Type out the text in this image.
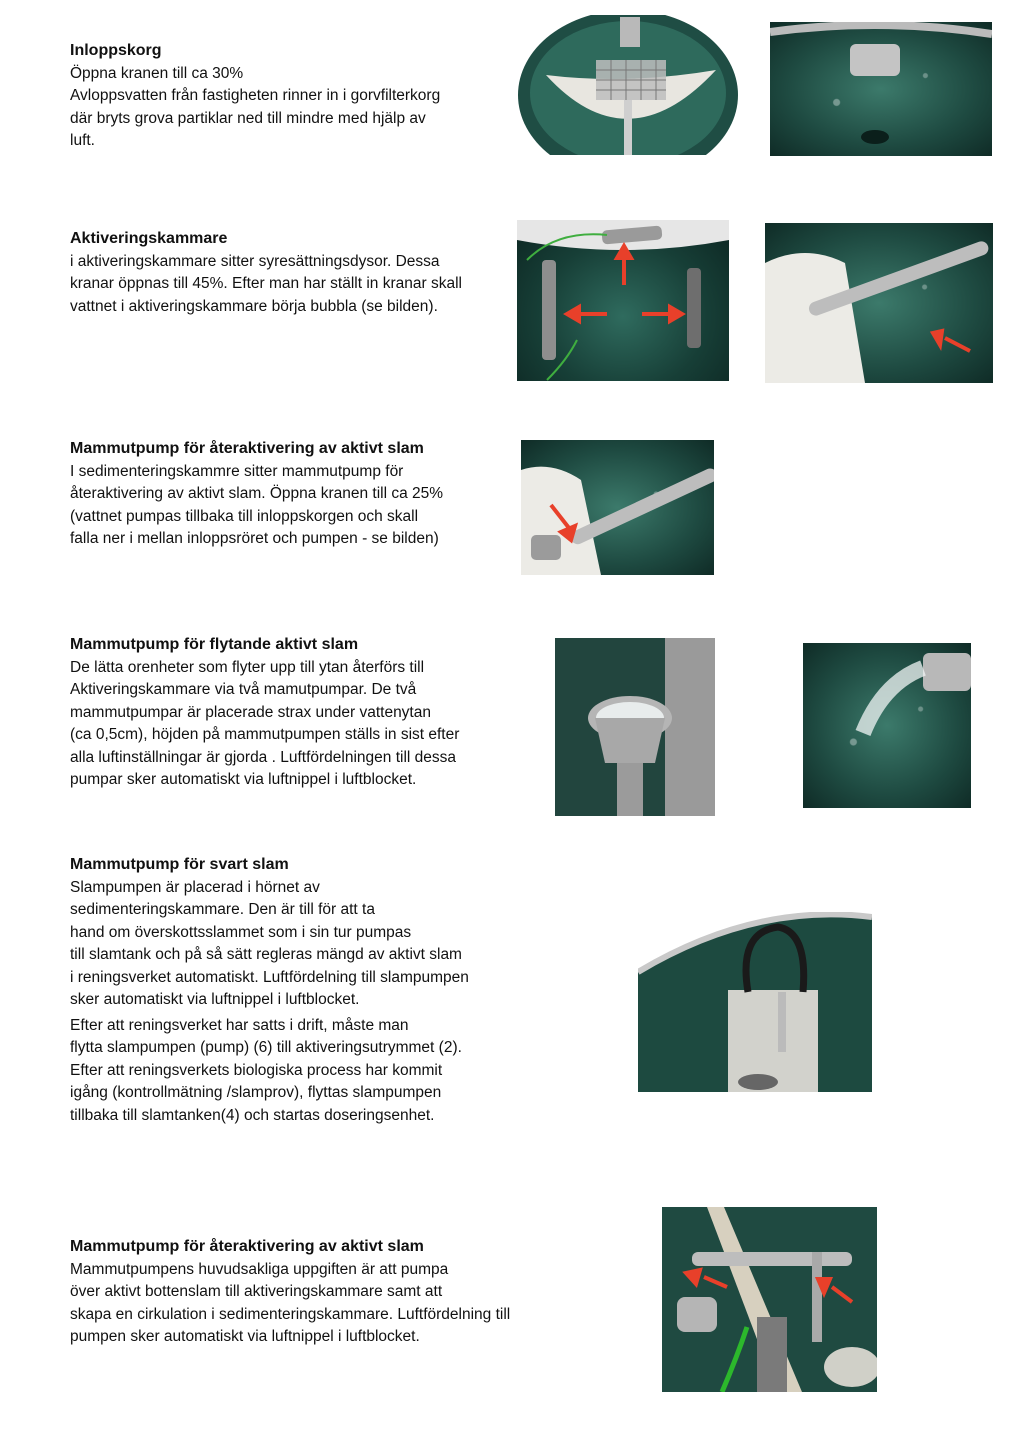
Inloppskorg

Öppna kranen till ca 30%
Avloppsvatten från fastigheten rinner in i gorvfilterkorg
där bryts grova partiklar ned till mindre med hjälp av
luft.

Aktiveringskammare

i aktiveringskammare sitter syresättningsdysor. Dessa
kranar öppnas till 45%. Efter man har ställt in kranar skall
vattnet i aktiveringskammare börja bubbla (se bilden).

Mammutpump för återaktivering av aktivt slam

I sedimenteringskammre sitter mammutpump för
återaktivering av aktivt slam. Öppna kranen till ca 25%
(vattnet pumpas tillbaka till inloppskorgen och skall
falla ner i mellan inloppsröret och pumpen - se bilden)

Mammutpump för flytande aktivt slam

De lätta orenheter som flyter upp till ytan återförs till
Aktiveringskammare via två mamutpumpar. De två
mammutpumpar är placerade strax under vattenytan
(ca 0,5cm), höjden på mammutpumpen ställs in sist efter
alla luftinställningar är gjorda . Luftfördelningen till dessa
pumpar sker automatiskt via luftnippel i luftblocket.

Mammutpump för svart slam

Slampumpen är placerad i hörnet av
sedimenteringskammare. Den är till för att ta
hand om överskottsslammet som i sin tur pumpas
till slamtank och på så sätt regleras mängd av aktivt slam
i reningsverket automatiskt. Luftfördelning till slampumpen
sker automatiskt via luftnippel i luftblocket.

Efter att reningsverket har satts i drift, måste man
flytta slampumpen (pump) (6) till aktiveringsutrymmet (2).
Efter att reningsverkets biologiska process har kommit
igång (kontrollmätning /slamprov), flyttas slampumpen
tillbaka till slamtanken(4) och startas doseringsenhet.

Mammutpump för återaktivering av aktivt slam

Mammutpumpens huvudsakliga uppgiften är att pumpa
över aktivt bottenslam till aktiveringskammare samt att
skapa en cirkulation i sedimenteringskammare. Luftfördelning till
pumpen sker automatiskt via luftnippel i luftblocket.
